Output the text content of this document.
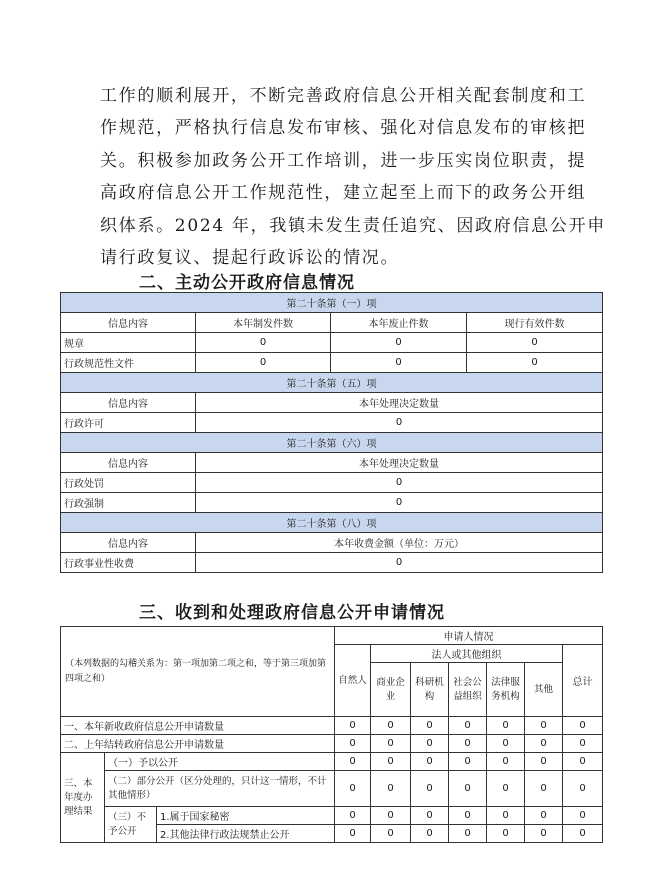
工作的顺利展开，不断完善政府信息公开相关配套制度和工
作规范，严格执行信息发布审核、强化对信息发布的审核把
关。积极参加政务公开工作培训，进一步压实岗位职责，提
高政府信息公开工作规范性，建立起至上而下的政务公开组
织体系。2024 年，我镇未发生责任追究、因政府信息公开申
请行政复议、提起行政诉讼的情况。
二、主动公开政府信息情况
第二十条第（一）项			
信息内容	本年制发件数	本年废止件数	现行有效件数
规章	0	0	0
行政规范性文件	0	0	0
第二十条第（五）项			
信息内容	本年处理决定数量		
行政许可	0		
第二十条第（六）项			
信息内容	本年处理决定数量		
行政处罚	0		
行政强制	0		
第二十条第（八）项			
信息内容	本年收费金额（单位：万元）		
行政事业性收费	0		
三、收到和处理政府信息公开申请情况
（本列数据的勾稽关系为：第一项加第二项之和，等于第三项加第四项之和）			申请人情况						
			自然人	法人或其他组织					总计
				商业企业	科研机构	社会公益组织	法律服务机构	其他	
一、本年新收政府信息公开申请数量			0	0	0	0	0	0	0
二、上年结转政府信息公开申请数量			0	0	0	0	0	0	0
三、本年度办理结果	（一）予以公开		0	0	0	0	0	0	0
	（二）部分公开（区分处理的，只计这一情形，不计其他情形）		0	0	0	0	0	0	0
	（三）不予公开	1.属于国家秘密	0	0	0	0	0	0	0
		2.其他法律行政法规禁止公开	0	0	0	0	0	0	0
